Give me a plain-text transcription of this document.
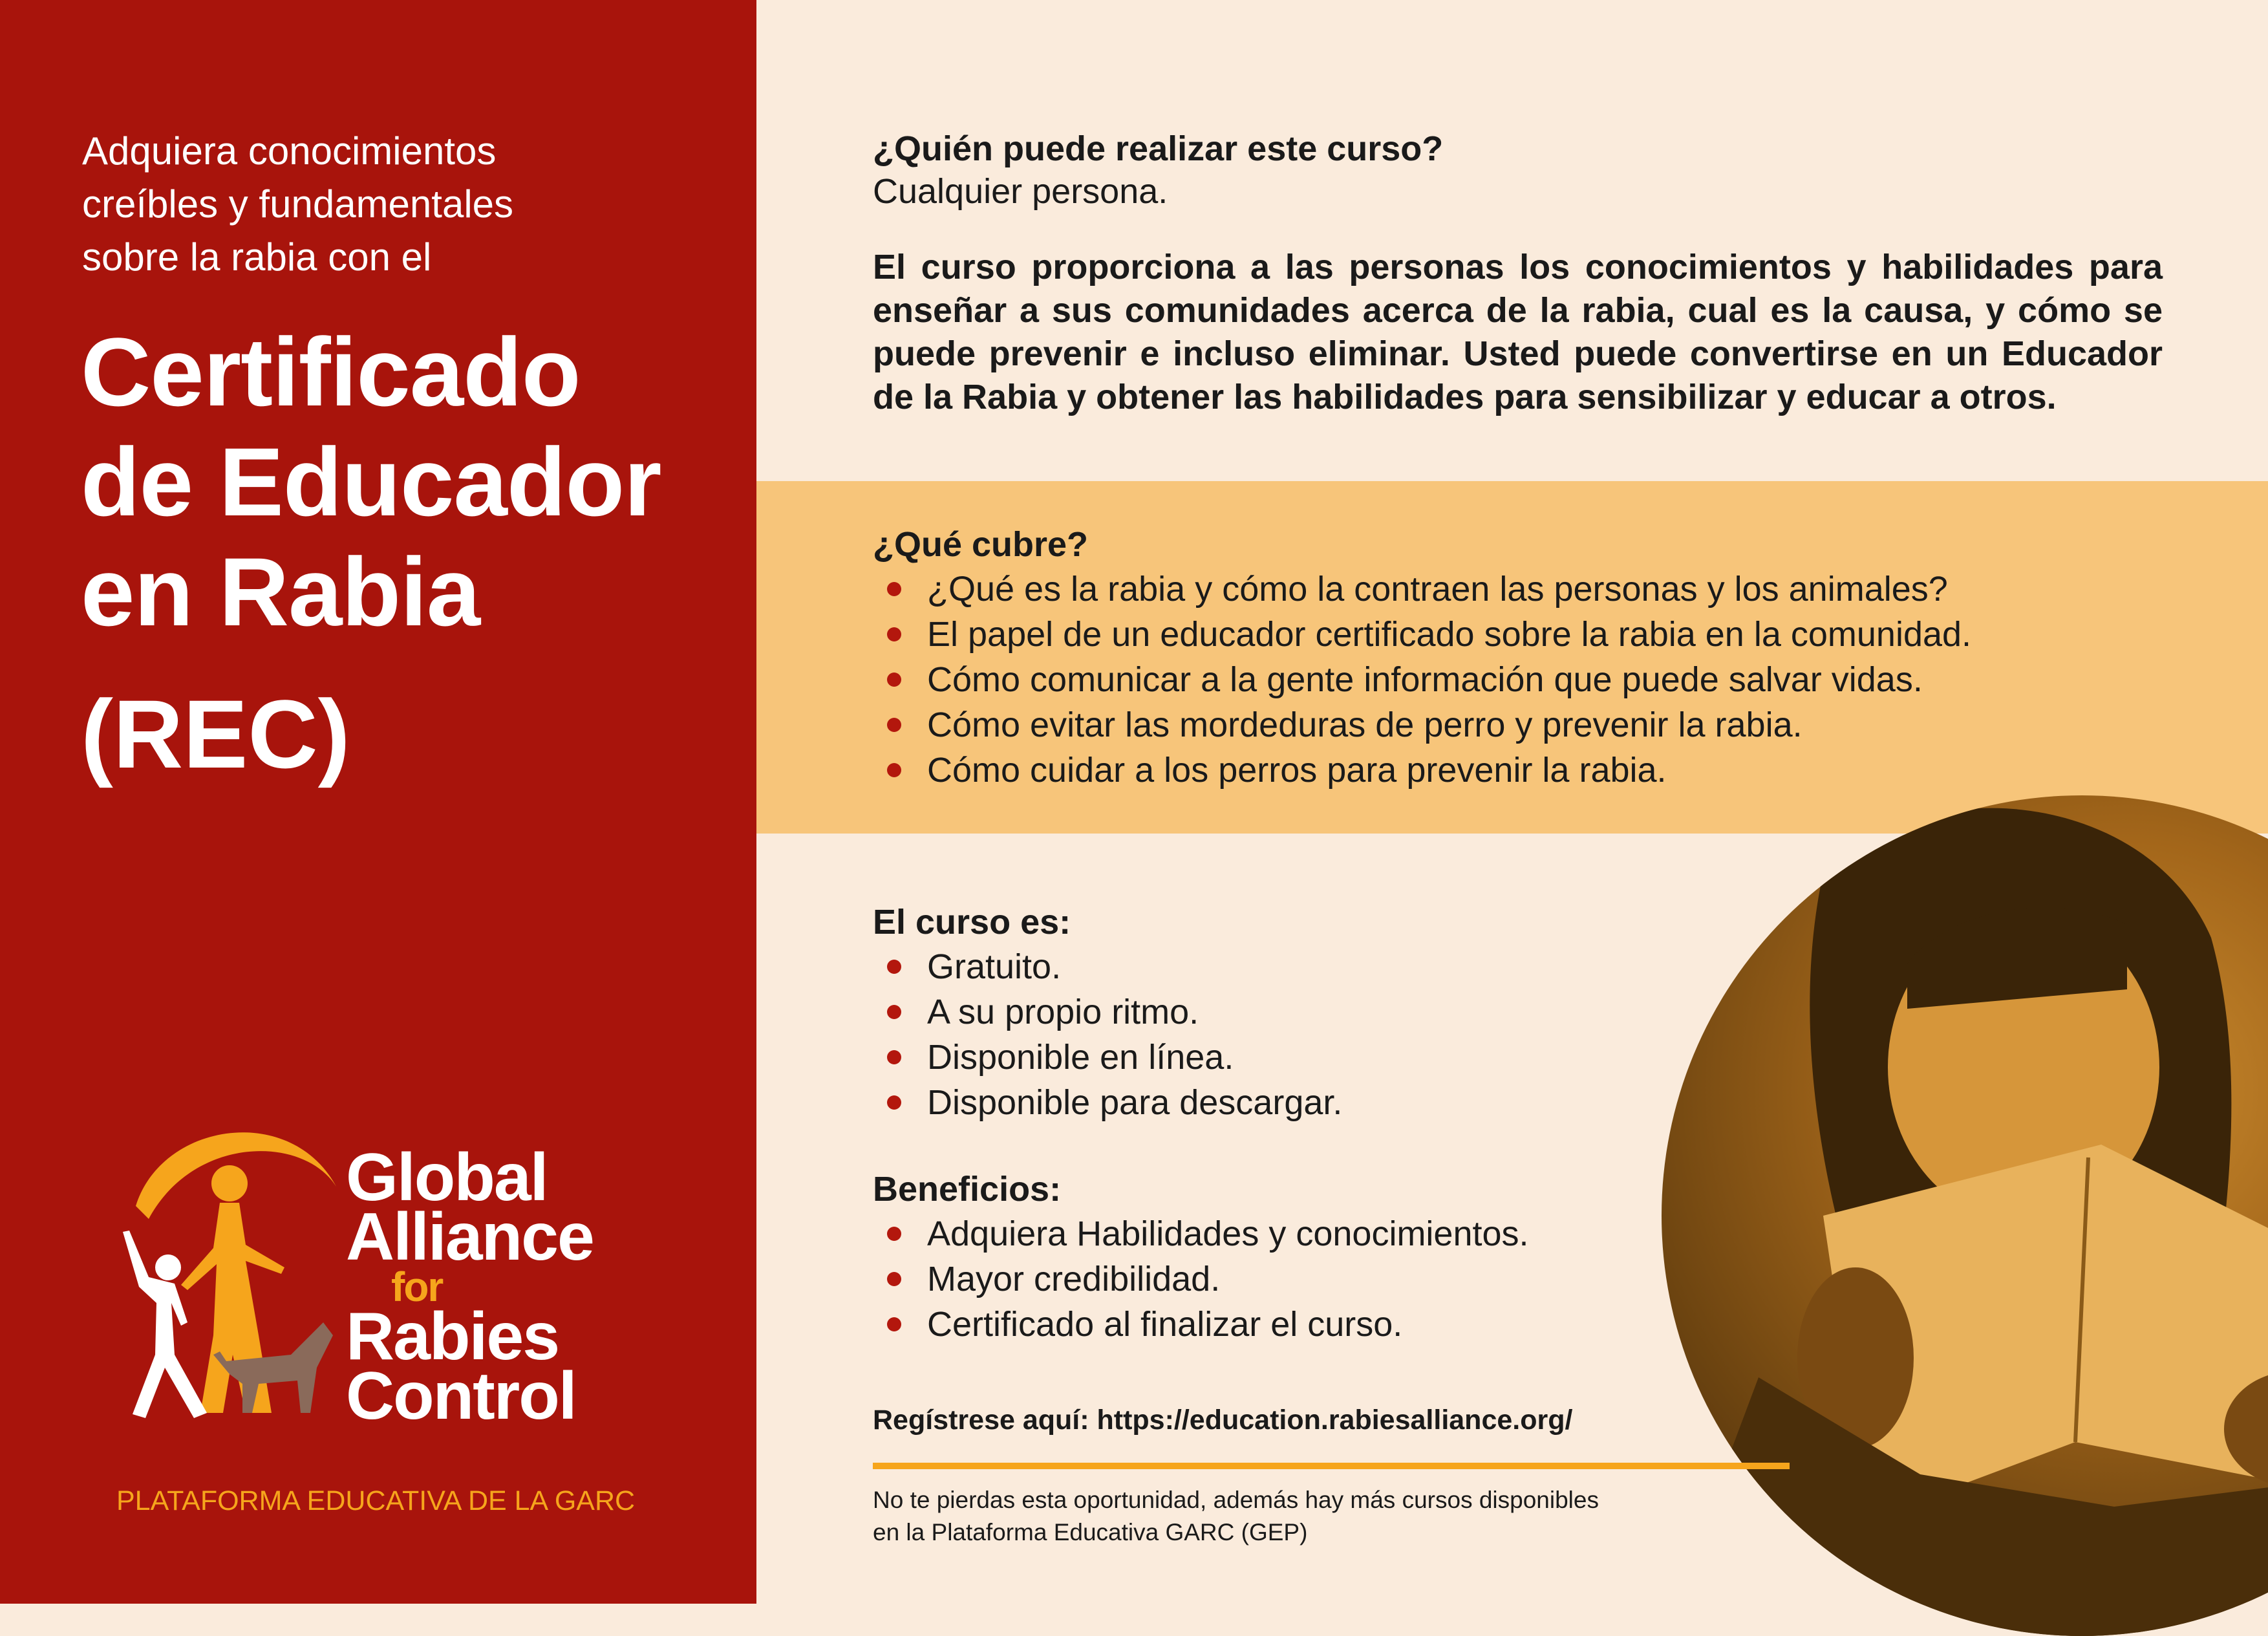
Adquiera conocimientos
creíbles y fundamentales
sobre la rabia con el
Certificado
de Educador
en Rabia
(REC)
Global
Alliance
for
Rabies
Control
PLATAFORMA EDUCATIVA DE LA GARC
¿Quién puede realizar este curso?
Cualquier persona.
El curso proporciona a las personas los conocimientos y habilidades para enseñar a sus comunidades acerca de la rabia, cual es la causa, y cómo se puede prevenir e incluso eliminar. Usted puede convertirse en un Educador de la Rabia y obtener las habilidades para sensibilizar y educar a otros.
¿Qué cubre?
¿Qué es la rabia y cómo la contraen las personas y los animales?
El papel de un educador certificado sobre la rabia en la comunidad.
Cómo comunicar a la gente información que puede salvar vidas.
Cómo evitar las mordeduras de perro y prevenir la rabia.
Cómo cuidar a los perros para prevenir la rabia.
El curso es:
Gratuito.
A su propio ritmo.
Disponible en línea.
Disponible para descargar.
Beneficios:
Adquiera Habilidades y conocimientos.
Mayor credibilidad.
Certificado al finalizar el curso.
Regístrese aquí: https://education.rabiesalliance.org/
No te pierdas esta oportunidad, además hay más cursos disponibles
en la Plataforma Educativa GARC (GEP)
